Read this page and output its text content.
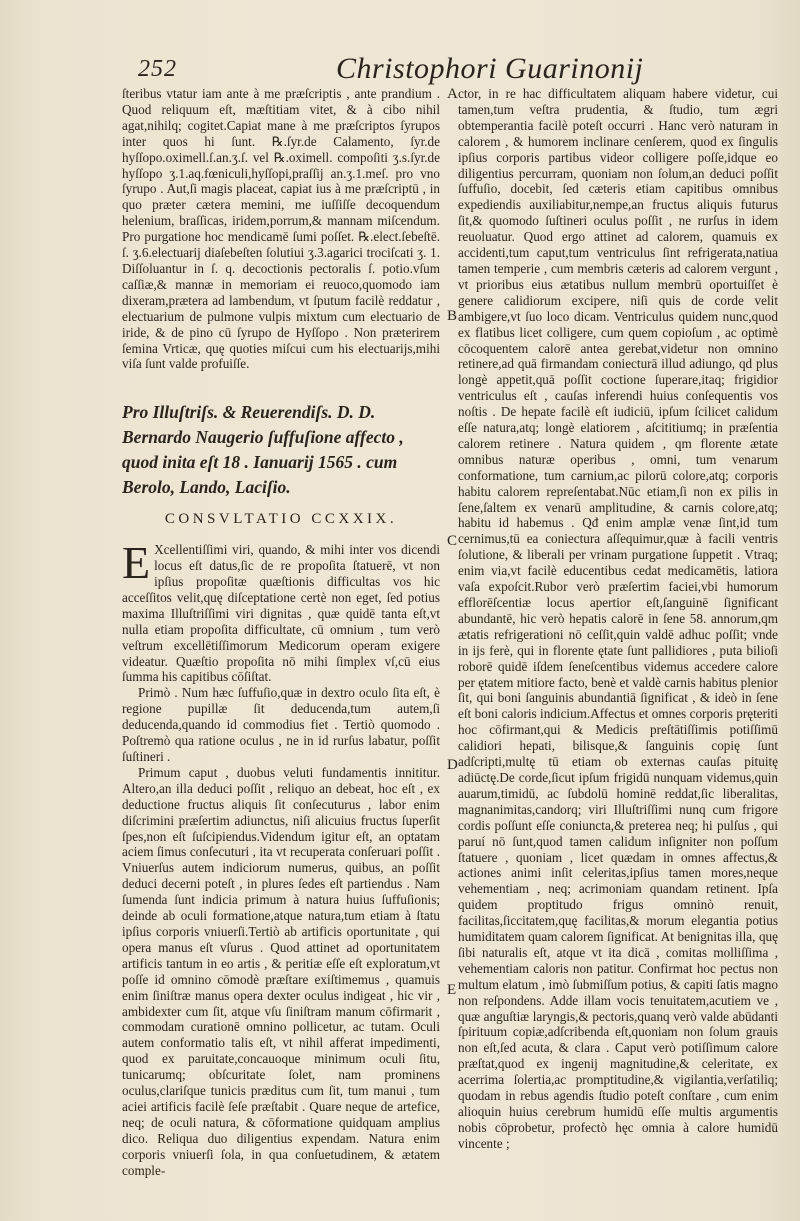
252	Christophori Guarinonij

ſteribus vtatur iam ante à me præſcriptis , ante prandium . Quod reliquum eſt, mæſtitiam vitet, & à cibo nihil agat,nihilq; cogitet.Capiat mane à me præſcriptos ſyrupos inter quos hi ſunt. ℞.ſyr.de Calamento, ſyr.de hyſſopo.oximell.ſ.an.ʒ.ſ. vel ℞.oximell. compoſiti ʒ.s.ſyr.de hyſſopo ʒ.1.aq.fœniculi,hyſſopi,praſſij an.ʒ.1.meſ. pro vno ſyrupo . Aut,ſi magis placeat, capiat ius à me præſcriptū , in quo præter cætera memini, me iuſſiſſe decoquendum helenium, braſſicas, iridem,porrum,& mannam miſcendum. Pro purgatione hoc mendicamē ſumi poſſet. ℞.elect.ſebeſtē. ſ. ʒ.6.electuarij diaſebeſten ſolutiui ʒ.3.agarici trociſcati ʒ. 1. Diſſoluantur in ſ. q. decoctionis pectoralis ſ. potio.vſum caſſiæ,& mannæ in memoriam ei reuoco,quomodo iam dixeram,prætera ad lambendum, vt ſputum facilè reddatur , electuarium de pulmone vulpis mixtum cum electuario de iride, & de pino cū ſyrupo de Hyſſopo . Non præterirem ſemina Vrticæ, quę quoties miſcui cum his electuarijs,mihi viſa ſunt valde profuiſſe.

Pro Illuſtriſs. & Reuerendiſs. D. D. Bernardo Naugerio ſuffuſione affecto , quod inita eſt 18 . Ianuarij 1565 . cum Berolo, Lando, Laciſio.
CONSVLTATIO CCXXIX.

E Xcellentiſſimi viri, quando, & mihi inter vos dicendi locus eſt datus,ſic de re propoſita ſtatuerē, vt non ipſius propoſitæ quæſtionis difficultas vos hic acceſſitos velit,quę diſceptatione certè non eget, ſed potius maxima Illuſtriſſimi viri dignitas , quæ quidē tanta eſt,vt nulla etiam propoſita difficultate, cū omnium , tum verò veſtrum excellētiſſimorum Medicorum operam exigere videatur. Quæſtio propoſita nō mihi ſimplex vſ,cū eius ſumma his capitibus cōſiſtat.

Primò . Num hæc ſuffuſio,quæ in dextro oculo ſita eſt, è regione pupillæ ſit deducenda,tum autem,ſi deducenda,quando id commodius fiet . Tertiò quomodo . Poſtremò qua ratione oculus , ne in id rurſus labatur, poſſit ſuſtineri .

Primum caput , duobus veluti fundamentis innititur. Altero,an illa deduci poſſit , reliquo an debeat, hoc eſt , ex deductione fructus aliquis ſit conſecuturus , labor enim diſcrimini præſertim adiunctus, niſi alicuius fructus ſuperſit ſpes,non eſt ſuſcipiendus.Videndum igitur eſt, an optatam aciem ſimus conſecuturi , ita vt recuperata conſeruari poſſit . Vniuerſus autem indiciorum numerus, quibus, an poſſit deduci decerni poteſt , in plures ſedes eſt partiendus . Nam ſumenda ſunt indicia primum à natura huius ſuffuſionis; deinde ab oculi formatione,atque natura,tum etiam à ſtatu ipſius corporis vniuerſi.Tertiò ab artificis oportunitate , qui opera manus eſt vſurus . Quod attinet ad oportunitatem artificis tantum in eo artis , & peritiæ eſſe eſt exploratum,vt poſſe id omnino cōmodè præſtare exiſtimemus , quamuis enim ſiniſtræ manus opera dexter oculus indigeat , hic vir , ambidexter cum ſit, atque vſu ſiniſtram manum cōfirmarit , commodam curationē omnino pollicetur, ac tutam. Oculi autem conformatio talis eſt, vt nihil afferat impedimenti, quod ex paruitate,concauoque minimum oculi ſitu, tunicarumq; obſcuritate ſolet, nam prominens oculus,clariſque tunicis præditus cum ſit, tum manui , tum aciei artificis facilè ſeſe præſtabit . Quare neque de artefice, neq; de oculi natura, & cōformatione quidquam amplius dico. Reliqua duo diligentius expendam. Natura enim corporis vniuerſi ſola, in qua conſuetudinem, & ætatem comple-

ctor, in re hac difficultatem aliquam habere videtur, cui tamen,tum veſtra prudentia, & ſtudio, tum ægri obtemperantia facilè poteſt occurri . Hanc verò naturam in calorem , & humorem inclinare cenſerem, quod ex ſingulis ipſius corporis partibus videor colligere poſſe,idque eo diligentius percurram, quoniam non ſolum,an deduci poſſit ſuffuſio, docebit, ſed cæteris etiam capitibus omnibus expediendis auxiliabitur,nempe,an fructus aliquis futurus ſit,& quomodo ſuſtineri oculus poſſit , ne rurſus in idem reuoluatur. Quod ergo attinet ad calorem, quamuis ex accidenti,tum caput,tum ventriculus ſint refrigerata,natiua tamen temperie , cum membris cæteris ad calorem vergunt , vt prioribus eius ætatibus nullum membrū oportuiſſet è genere calidiorum excipere, niſi quis de corde velit ambigere,vt ſuo loco dicam. Ventriculus quidem nunc,quod ex flatibus licet colligere, cum quem copioſum , ac optimè cōcoquentem calorē antea gerebat,videtur non omnino retinere,ad quā firmandam coniecturā illud adiungo, qd plus longè appetit,quā poſſit coctione ſuperare,itaq; frigidior ventriculus eſt , cauſas inferendi huius conſequentis vos noſtis . De hepate facilè eſt iudiciū, ipſum ſcilicet calidum eſſe natura,atq; longè elatiorem , aſcititiumq; in præſentia calorem retinere . Natura quidem , qm florente ætate omnibus naturæ operibus , omni, tum venarum conformatione, tum carnium,ac pilorū colore,atq; corporis habitu calorem repreſentabat.Nūc etiam,ſi non ex pilis in ſene,ſaltem ex venarū amplitudine, & carnis colore,atq; habitu id habemus . Qđ enim amplæ venæ ſint,id tum cernimus,tū ea coniectura aſſequimur,quæ à facili ventris ſolutione, & liberali per vrinam purgatione ſuppetit . Vtraq; enim via,vt facilè educentibus cedat medicamētis, latiora vaſa expoſcit.Rubor verò præſertim faciei,vbi humorum efflorēſcentiæ locus apertior eſt,ſanguinē ſignificant abundantē, hic verò hepatis calorē in ſene 58. annorum,qm ætatis refrigerationi nō ceſſit,quin valdē adhuc poſſit; vnde in ijs ferè, qui in florente ętate ſunt pallidiores , puta bilioſi roborē quidē iſdem ſeneſcentibus videmus accedere calore per ętatem mitiore facto, benè et valdè carnis habitus plenior ſit, qui boni ſanguinis abundantiā ſignificat , & ideò in ſene eſt boni caloris indicium.Affectus et omnes corporis pręteriti hoc cōfirmant,qui & Medicis preſtātiſſimis potiſſimū calidiori hepati, bilisque,& ſanguinis copię ſunt adſcripti,multę tū etiam ob externas cauſas pituitę adiūctę.De corde,ſicut ipſum frigidū nunquam videmus,quin auarum,timidū, ac ſubdolū hominē reddat,ſic liberalitas, magnanimitas,candorq; viri Illuſtriſſimi nunq cum frigore cordis poſſunt eſſe coniuncta,& preterea neq; hi pulſus , qui paruí nō ſunt,quod tamen calidum inſigniter non poſſum ſtatuere , quoniam , licet quædam in omnes affectus,& actiones animi inſit celeritas,ipſius tamen mores,neque vehementiam , neq; acrimoniam quandam retinent. Ipſa quidem proptitudo frigus omninò renuit, facilitas,ſiccitatem,quę facilitas,& morum elegantia potius humiditatem quam calorem ſignificat. At benignitas illa, quę ſibi naturalis eſt, atque vt ita dicā , comitas molliſſima , vehementiam caloris non patitur. Confirmat hoc pectus non multum elatum , imò ſubmiſſum potius, & capiti ſatis magno non reſpondens. Adde illam vocis tenuitatem,acutiem ve , quæ anguſtiæ laryngis,& pectoris,quanq verò valde abūdanti ſpirituum copiæ,adſcribenda eſt,quoniam non ſolum grauis non eſt,ſed acuta, & clara . Caput verò potiſſimum calore præſtat,quod ex ingenij magnitudine,& celeritate, ex acerrima ſolertia,ac promptitudine,& vigilantia,verſatiliq; quodam in rebus agendis ſtudio poteſt conſtare , cum enim alioquin huius cerebrum humidū eſſe multis argumentis nobis cōprobetur, profectò hęc omnia à calore humidū vincente ;

A
B
C
D
E
